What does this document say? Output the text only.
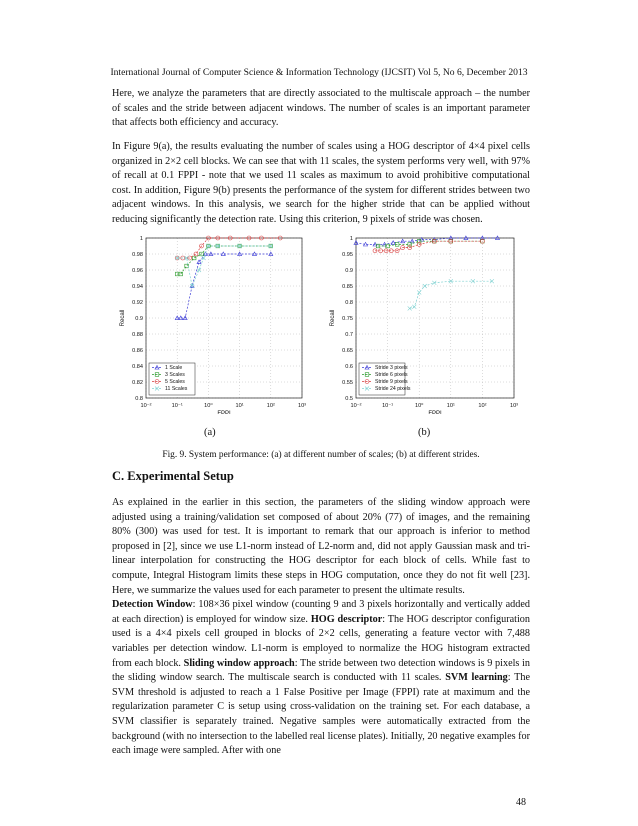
International Journal of Computer Science & Information Technology (IJCSIT) Vol 5, No 6, December 2013

Here, we analyze the parameters that are directly associated to the multiscale approach – the number of scales and the stride between adjacent windows. The number of scales is an important parameter that affects both efficiency and accuracy.

In Figure 9(a), the results evaluating the number of scales using a HOG descriptor of 4×4 pixel cells organized in 2×2 cell blocks. We can see that with 11 scales, the system performs very well, with 97% of recall at 0.1 FPPI - note that we used 11 scales as maximum to avoid prohibitive computational cost. In addition, Figure 9(b) presents the performance of the system for different strides between two adjacent windows. In this analysis, we search for the higher stride that can be applied without reducing significantly the detection rate. Using this criterion, 9 pixels of stride was chosen.

10⁻²	10⁻¹	10⁰	10¹	10²	10³
0.8
0.82
0.84
0.86
0.88
0.9
0.92
0.94
0.96
0.98
1
FPPI
Recall
1 Scale
3 Scales
5 Scales
11 Scales
10⁻²	10⁻¹	10⁰	10¹	10²	10³
0.5
0.55
0.6
0.65
0.7
0.75
0.8
0.85
0.9
0.95
1
FPPI
Recall
Stride 3 pixels
Stride 6 pixels
Stride 9 pixels
Stride 24 pixels
(a)	(b)
Fig. 9. System performance: (a) at different number of scales; (b) at different strides.
C. Experimental Setup

As explained in the earlier in this section, the parameters of the sliding window approach were adjusted using a training/validation set composed of about 20% (77) of images, and the remaining 80% (300) was used for test. It is important to remark that our approach is inferior to method proposed in [2], since we use L1-norm instead of L2-norm and, did not apply Gaussian mask and tri-linear interpolation for constructing the HOG descriptor for each block of cells. While fast to compute, Integral Histogram limits these steps in HOG computation, once they do not fit well [23]. Here, we summarize the values used for each parameter to present the ultimate results.
Detection Window: 108×36 pixel window (counting 9 and 3 pixels horizontally and vertically added at each direction) is employed for window size. HOG descriptor: The HOG descriptor configuration used is a 4×4 pixels cell grouped in blocks of 2×2 cells, generating a feature vector with 7,488 variables per detection window. L1-norm is employed to normalize the HOG histogram extracted from each block. Sliding window approach: The stride between two detection windows is 9 pixels in the sliding window search. The multiscale search is conducted with 11 scales. SVM learning: The SVM threshold is adjusted to reach a 1 False Positive per Image (FPPI) rate at maximum and the regularization parameter C is setup using cross-validation on the training set. For each database, a SVM classifier is separately trained. Negative samples were automatically extracted from the background (with no intersection to the labelled real license plates). Initially, 20 negative examples for each image were sampled. After with one

48
